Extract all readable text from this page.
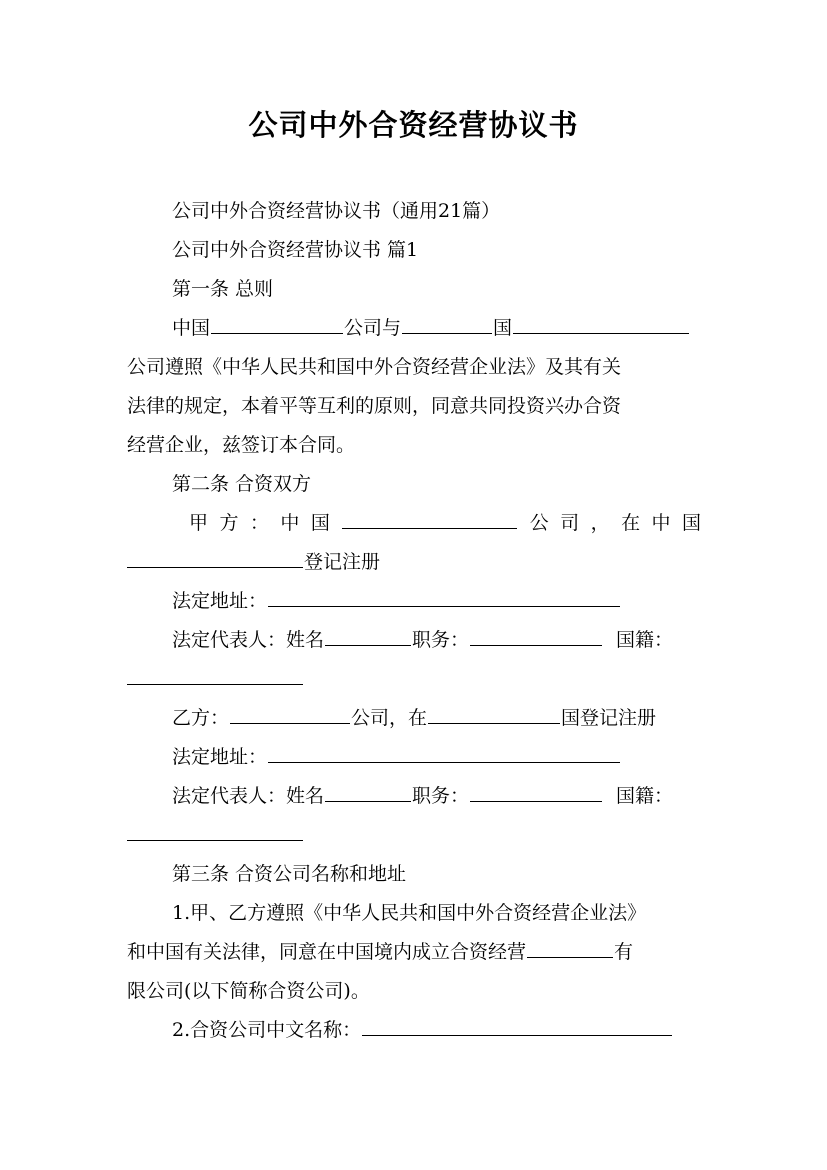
公司中外合资经营协议书
公司中外合资经营协议书（通用21篇）
公司中外合资经营协议书 篇1
第一条 总则
中国	公司与	国
公司遵照《中华人民共和国中外合资经营企业法》及其有关
法律的规定，本着平等互利的原则，同意共同投资兴办合资
经营企业，兹签订本合同。
第二条 合资双方
甲 方 ： 中 国	公 司 ， 在 中 国
登记注册
法定地址：
法定代表人：姓名	职务：	国籍：
乙方：	公司，在	国登记注册
法定地址：
法定代表人：姓名	职务：	国籍：
第三条 合资公司名称和地址
1.甲、乙方遵照《中华人民共和国中外合资经营企业法》
和中国有关法律，同意在中国境内成立合资经营	有
限公司(以下简称合资公司)。
2.合资公司中文名称：
